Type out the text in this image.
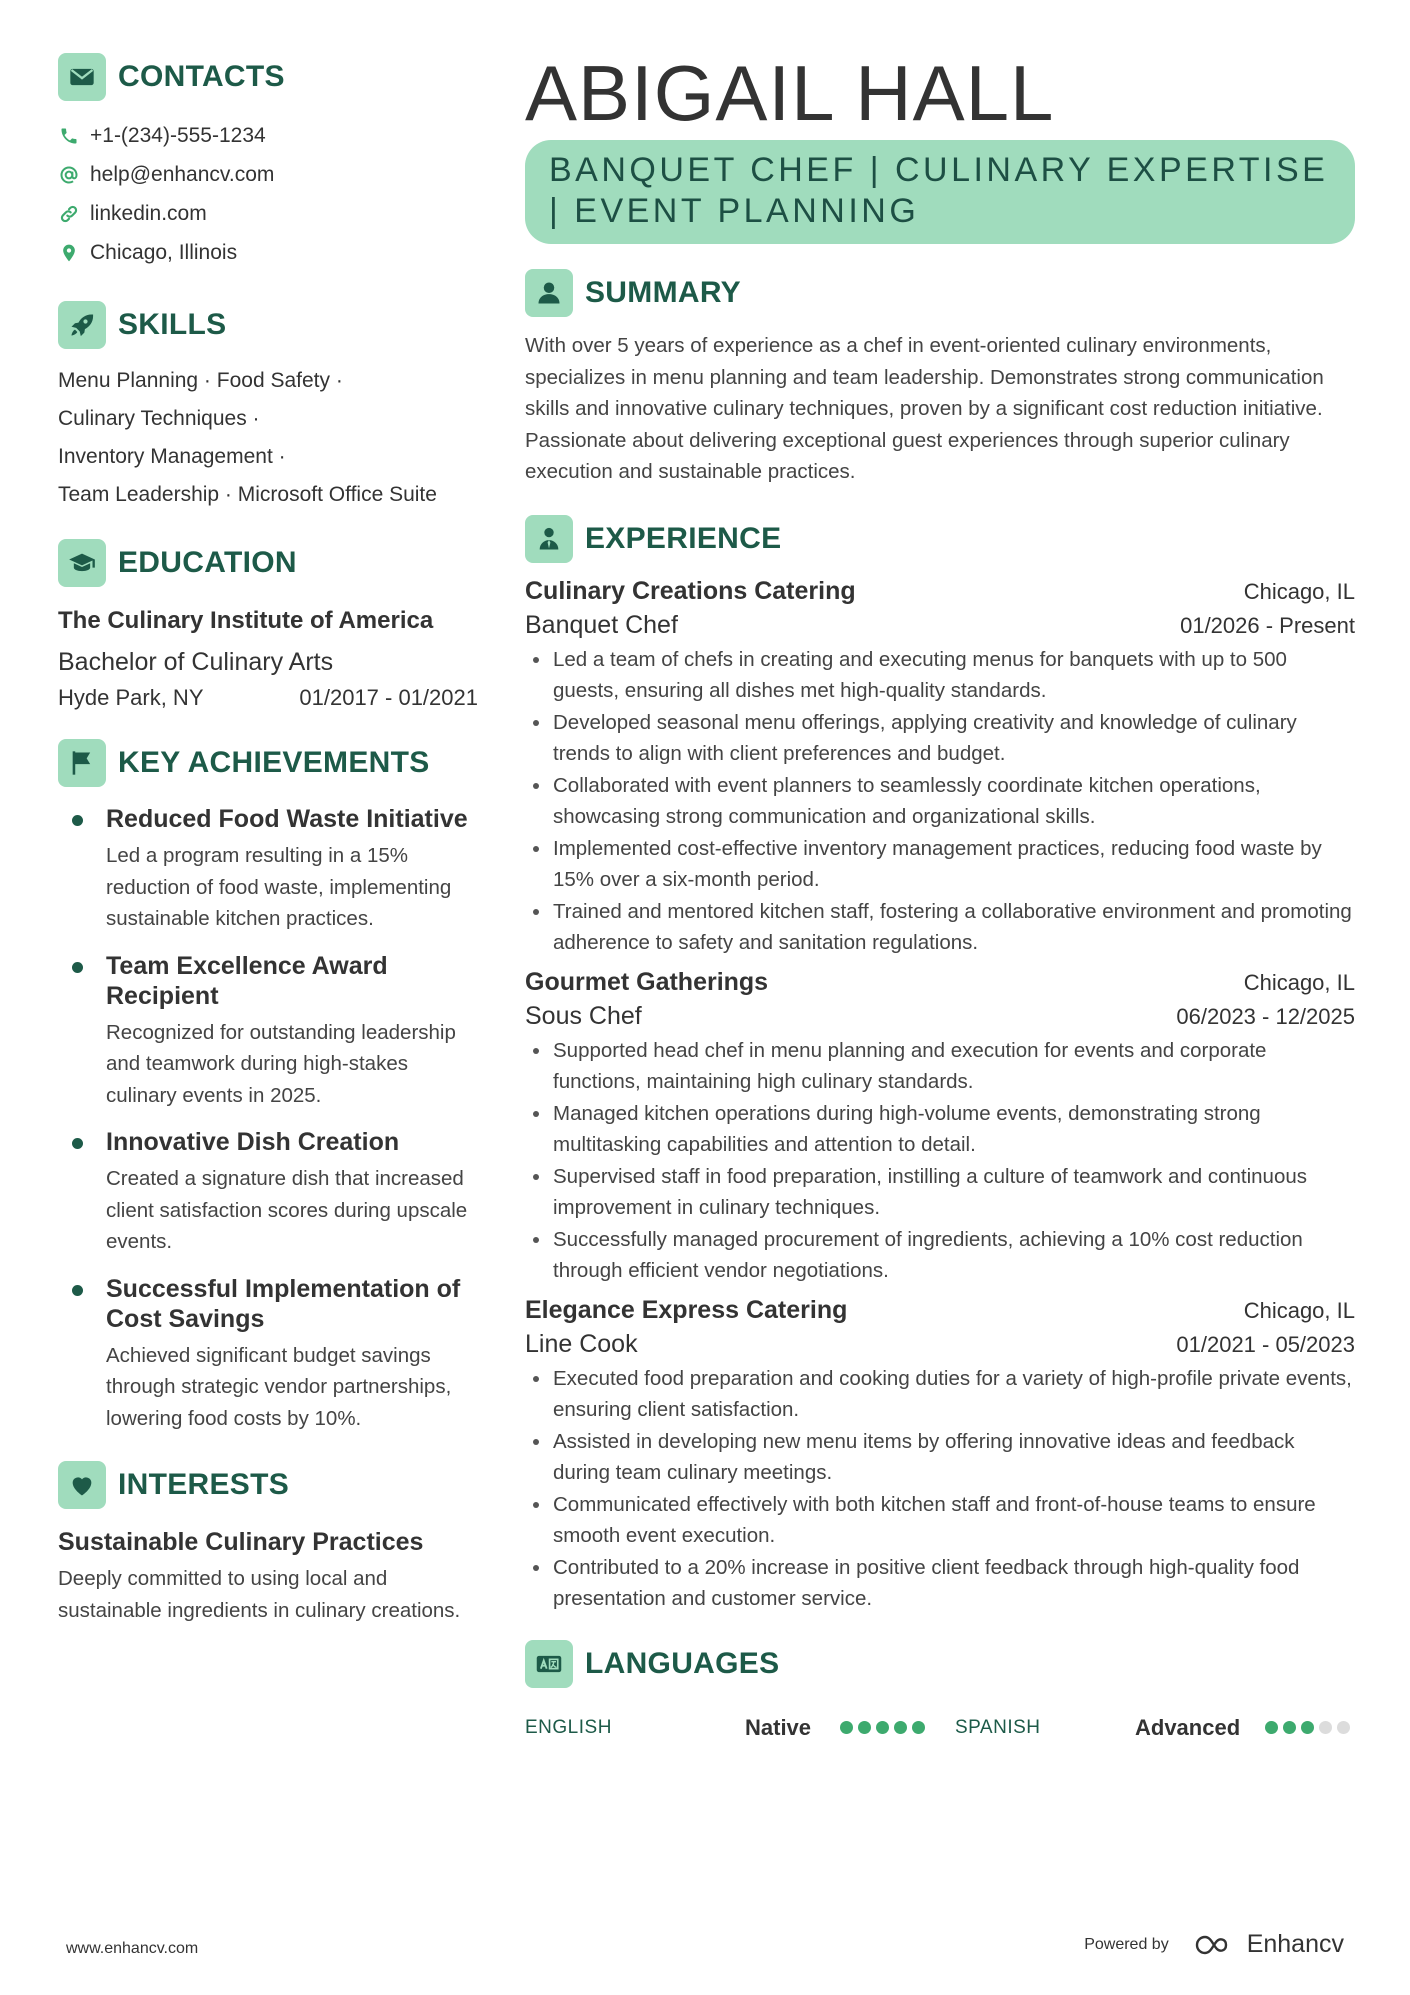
CONTACTS
+1-(234)-555-1234
help@enhancv.com
linkedin.com
Chicago, Illinois
SKILLS
Menu Planning · Food Safety ·
Culinary Techniques ·
Inventory Management ·
Team Leadership · Microsoft Office Suite
EDUCATION
The Culinary Institute of America
Bachelor of Culinary Arts
Hyde Park, NY	01/2017 - 01/2021
KEY ACHIEVEMENTS
Reduced Food Waste Initiative
Led a program resulting in a 15% reduction of food waste, implementing sustainable kitchen practices.
Team Excellence Award Recipient
Recognized for outstanding leadership and teamwork during high-stakes culinary events in 2025.
Innovative Dish Creation
Created a signature dish that increased client satisfaction scores during upscale events.
Successful Implementation of Cost Savings
Achieved significant budget savings through strategic vendor partnerships, lowering food costs by 10%.
INTERESTS
Sustainable Culinary Practices
Deeply committed to using local and sustainable ingredients in culinary creations.
ABIGAIL HALL
BANQUET CHEF | CULINARY EXPERTISE | EVENT PLANNING
SUMMARY
With over 5 years of experience as a chef in event-oriented culinary environments, specializes in menu planning and team leadership. Demonstrates strong communication skills and innovative culinary techniques, proven by a significant cost reduction initiative. Passionate about delivering exceptional guest experiences through superior culinary execution and sustainable practices.
EXPERIENCE
Culinary Creations Catering	Chicago, IL
Banquet Chef	01/2026 - Present
Led a team of chefs in creating and executing menus for banquets with up to 500 guests, ensuring all dishes met high-quality standards.
Developed seasonal menu offerings, applying creativity and knowledge of culinary trends to align with client preferences and budget.
Collaborated with event planners to seamlessly coordinate kitchen operations, showcasing strong communication and organizational skills.
Implemented cost-effective inventory management practices, reducing food waste by 15% over a six-month period.
Trained and mentored kitchen staff, fostering a collaborative environment and promoting adherence to safety and sanitation regulations.
Gourmet Gatherings	Chicago, IL
Sous Chef	06/2023 - 12/2025
Supported head chef in menu planning and execution for events and corporate functions, maintaining high culinary standards.
Managed kitchen operations during high-volume events, demonstrating strong multitasking capabilities and attention to detail.
Supervised staff in food preparation, instilling a culture of teamwork and continuous improvement in culinary techniques.
Successfully managed procurement of ingredients, achieving a 10% cost reduction through efficient vendor negotiations.
Elegance Express Catering	Chicago, IL
Line Cook	01/2021 - 05/2023
Executed food preparation and cooking duties for a variety of high-profile private events, ensuring client satisfaction.
Assisted in developing new menu items by offering innovative ideas and feedback during team culinary meetings.
Communicated effectively with both kitchen staff and front-of-house teams to ensure smooth event execution.
Contributed to a 20% increase in positive client feedback through high-quality food presentation and customer service.
LANGUAGES
ENGLISH	Native	SPANISH	Advanced
www.enhancv.com	Powered by	Enhancv
